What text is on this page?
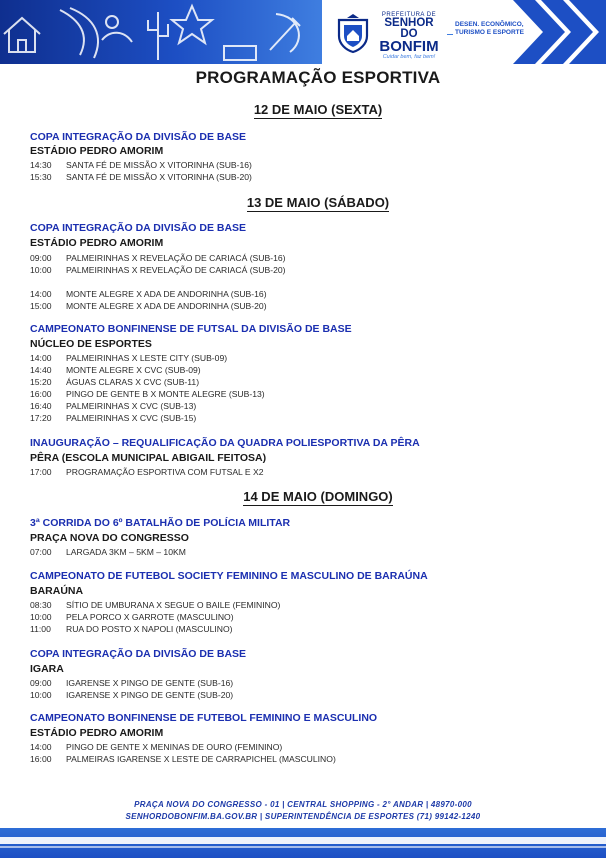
PREFEITURA DE
SENHOR DO
BONFIM
Cuidar bem, faz bem!
DESEN. ECONÔMICO,
TURISMO E ESPORTE
PROGRAMAÇÃO ESPORTIVA
12 DE MAIO (SEXTA)
COPA INTEGRAÇÃO DA DIVISÃO DE BASE
ESTÁDIO PEDRO AMORIM
14:30 SANTA FÉ DE MISSÃO X VITORINHA (SUB-16)
15:30 SANTA FÉ DE MISSÃO X VITORINHA (SUB-20)
13 DE MAIO (SÁBADO)
COPA INTEGRAÇÃO DA DIVISÃO DE BASE
ESTÁDIO PEDRO AMORIM
09:00 PALMEIRINHAS X REVELAÇÃO DE CARIACÁ (SUB-16)
10:00 PALMEIRINHAS X REVELAÇÃO DE CARIACÁ (SUB-20)
14:00 MONTE ALEGRE X ADA DE ANDORINHA (SUB-16)
15:00 MONTE ALEGRE X ADA DE ANDORINHA (SUB-20)
CAMPEONATO BONFINENSE DE FUTSAL DA DIVISÃO DE BASE
NÚCLEO DE ESPORTES
14:00 PALMEIRINHAS X LESTE CITY (SUB-09)
14:40 MONTE ALEGRE X CVC (SUB-09)
15:20 ÁGUAS CLARAS X CVC (SUB-11)
16:00 PINGO DE GENTE B X MONTE ALEGRE (SUB-13)
16:40 PALMEIRINHAS X CVC (SUB-13)
17:20 PALMEIRINHAS X CVC (SUB-15)
INAUGURAÇÃO – REQUALIFICAÇÃO DA QUADRA POLIESPORTIVA DA PÊRA
PÊRA (ESCOLA MUNICIPAL ABIGAIL FEITOSA)
17:00 PROGRAMAÇÃO ESPORTIVA COM FUTSAL E X2
14 DE MAIO (DOMINGO)
3ª CORRIDA DO 6º BATALHÃO DE POLÍCIA MILITAR
PRAÇA NOVA DO CONGRESSO
07:00 LARGADA 3KM – 5KM – 10KM
CAMPEONATO DE FUTEBOL SOCIETY FEMININO E MASCULINO DE BARAÚNA
BARAÚNA
08:30 SÍTIO DE UMBURANA X SEGUE O BAILE (FEMININO)
10:00 PELA PORCO X GARROTE (MASCULINO)
11:00 RUA DO POSTO X NAPOLI (MASCULINO)
COPA INTEGRAÇÃO DA DIVISÃO DE BASE
IGARA
09:00 IGARENSE X PINGO DE GENTE (SUB-16)
10:00 IGARENSE X PINGO DE GENTE (SUB-20)
CAMPEONATO BONFINENSE DE FUTEBOL FEMININO E MASCULINO
ESTÁDIO PEDRO AMORIM
14:00 PINGO DE GENTE X MENINAS DE OURO (FEMININO)
16:00 PALMEIRAS IGARENSE X LESTE DE CARRAPICHEL (MASCULINO)
PRAÇA NOVA DO CONGRESSO - 01 | CENTRAL SHOPPING - 2° ANDAR | 48970-000
SENHORDOBONFIM.BA.GOV.BR | SUPERINTENDÊNCIA DE ESPORTES (71) 99142-1240
